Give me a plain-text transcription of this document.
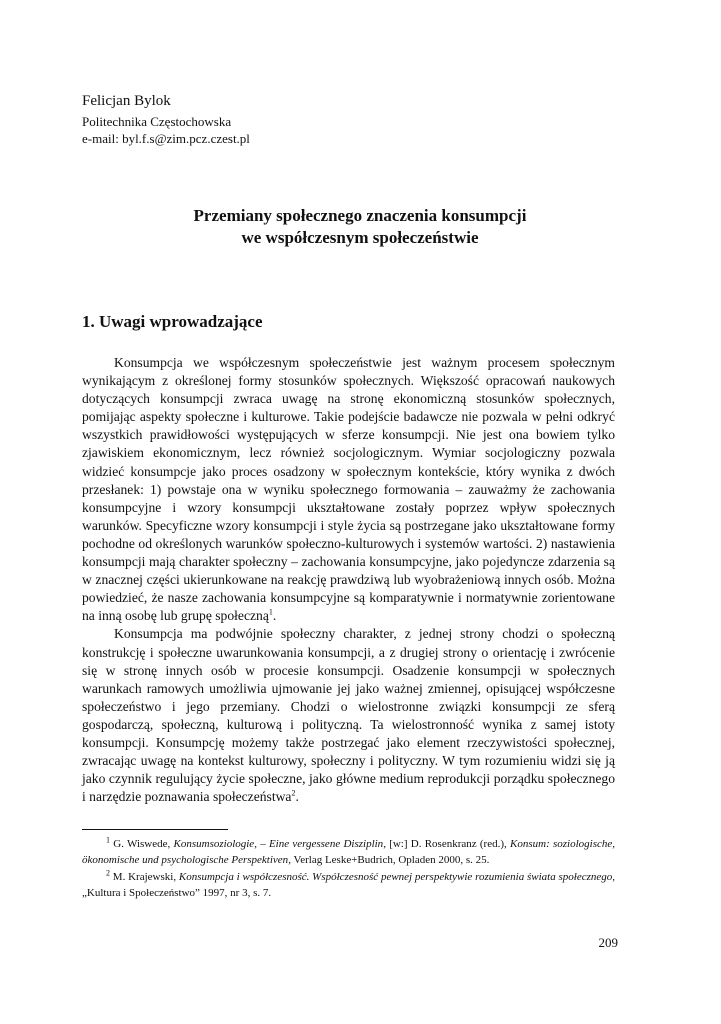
Felicjan Bylok

Politechnika Częstochowska

e-mail: byl.f.s@zim.pcz.czest.pl

Przemiany społecznego znaczenia konsumpcji
we współczesnym społeczeństwie
1. Uwagi wprowadzające

Konsumpcja we współczesnym społeczeństwie jest ważnym procesem społecznym wynikającym z określonej formy stosunków społecznych. Większość opracowań naukowych dotyczących konsumpcji zwraca uwagę na stronę ekonomiczną stosunków społecznych, pomijając aspekty społeczne i kulturowe. Takie podejście badawcze nie pozwala w pełni odkryć wszystkich prawidłowości występujących w sferze konsumpcji. Nie jest ona bowiem tylko zjawiskiem ekonomicznym, lecz również socjologicznym. Wymiar socjologiczny pozwala widzieć konsumpcje jako proces osadzony w społecznym kontekście, który wynika z dwóch przesłanek: 1) powstaje ona w wyniku społecznego formowania – zauważmy że zachowania konsumpcyjne i wzory konsumpcji ukształtowane zostały poprzez wpływ społecznych warunków. Specyficzne wzory konsumpcji i style życia są postrzegane jako ukształtowane formy pochodne od określonych warunków społeczno-kulturowych i systemów wartości. 2) nastawienia konsumpcji mają charakter społeczny – zachowania konsumpcyjne, jako pojedyncze zdarzenia są w znacznej części ukierunkowane na reakcję prawdziwą lub wyobrażeniową innych osób. Można powiedzieć, że nasze zachowania konsumpcyjne są komparatywnie i normatywnie zorientowane na inną osobę lub grupę społeczną$^1$.

Konsumpcja ma podwójnie społeczny charakter, z jednej strony chodzi o społeczną konstrukcję i społeczne uwarunkowania konsumpcji, a z drugiej strony o orientację i zwrócenie się w stronę innych osób w procesie konsumpcji. Osadzenie konsumpcji w społecznych warunkach ramowych umożliwia ujmowanie jej jako ważnej zmiennej, opisującej współczesne społeczeństwo i jego przemiany. Chodzi o wielostronne związki konsumpcji ze sferą gospodarczą, społeczną, kulturową i polityczną. Ta wielostronność wynika z samej istoty konsumpcji. Konsumpcję możemy także postrzegać jako element rzeczywistości społecznej, zwracając uwagę na kontekst kulturowy, społeczny i polityczny. W tym rozumieniu widzi się ją jako czynnik regulujący życie społeczne, jako główne medium reprodukcji porządku społecznego i narzędzie poznawania społeczeństwa$^2$.

$^1$ G. Wiswede, Konsumsoziologie, – Eine vergessene Disziplin, [w:] D. Rosenkranz (red.), Konsum: soziologische, ökonomische und psychologische Perspektiven, Verlag Leske+Budrich, Opladen 2000, s. 25.

$^2$ M. Krajewski, Konsumpcja i współczesność. Współczesność pewnej perspektywie rozumienia świata społecznego, „Kultura i Społeczeństwo” 1997, nr 3, s. 7.

209
